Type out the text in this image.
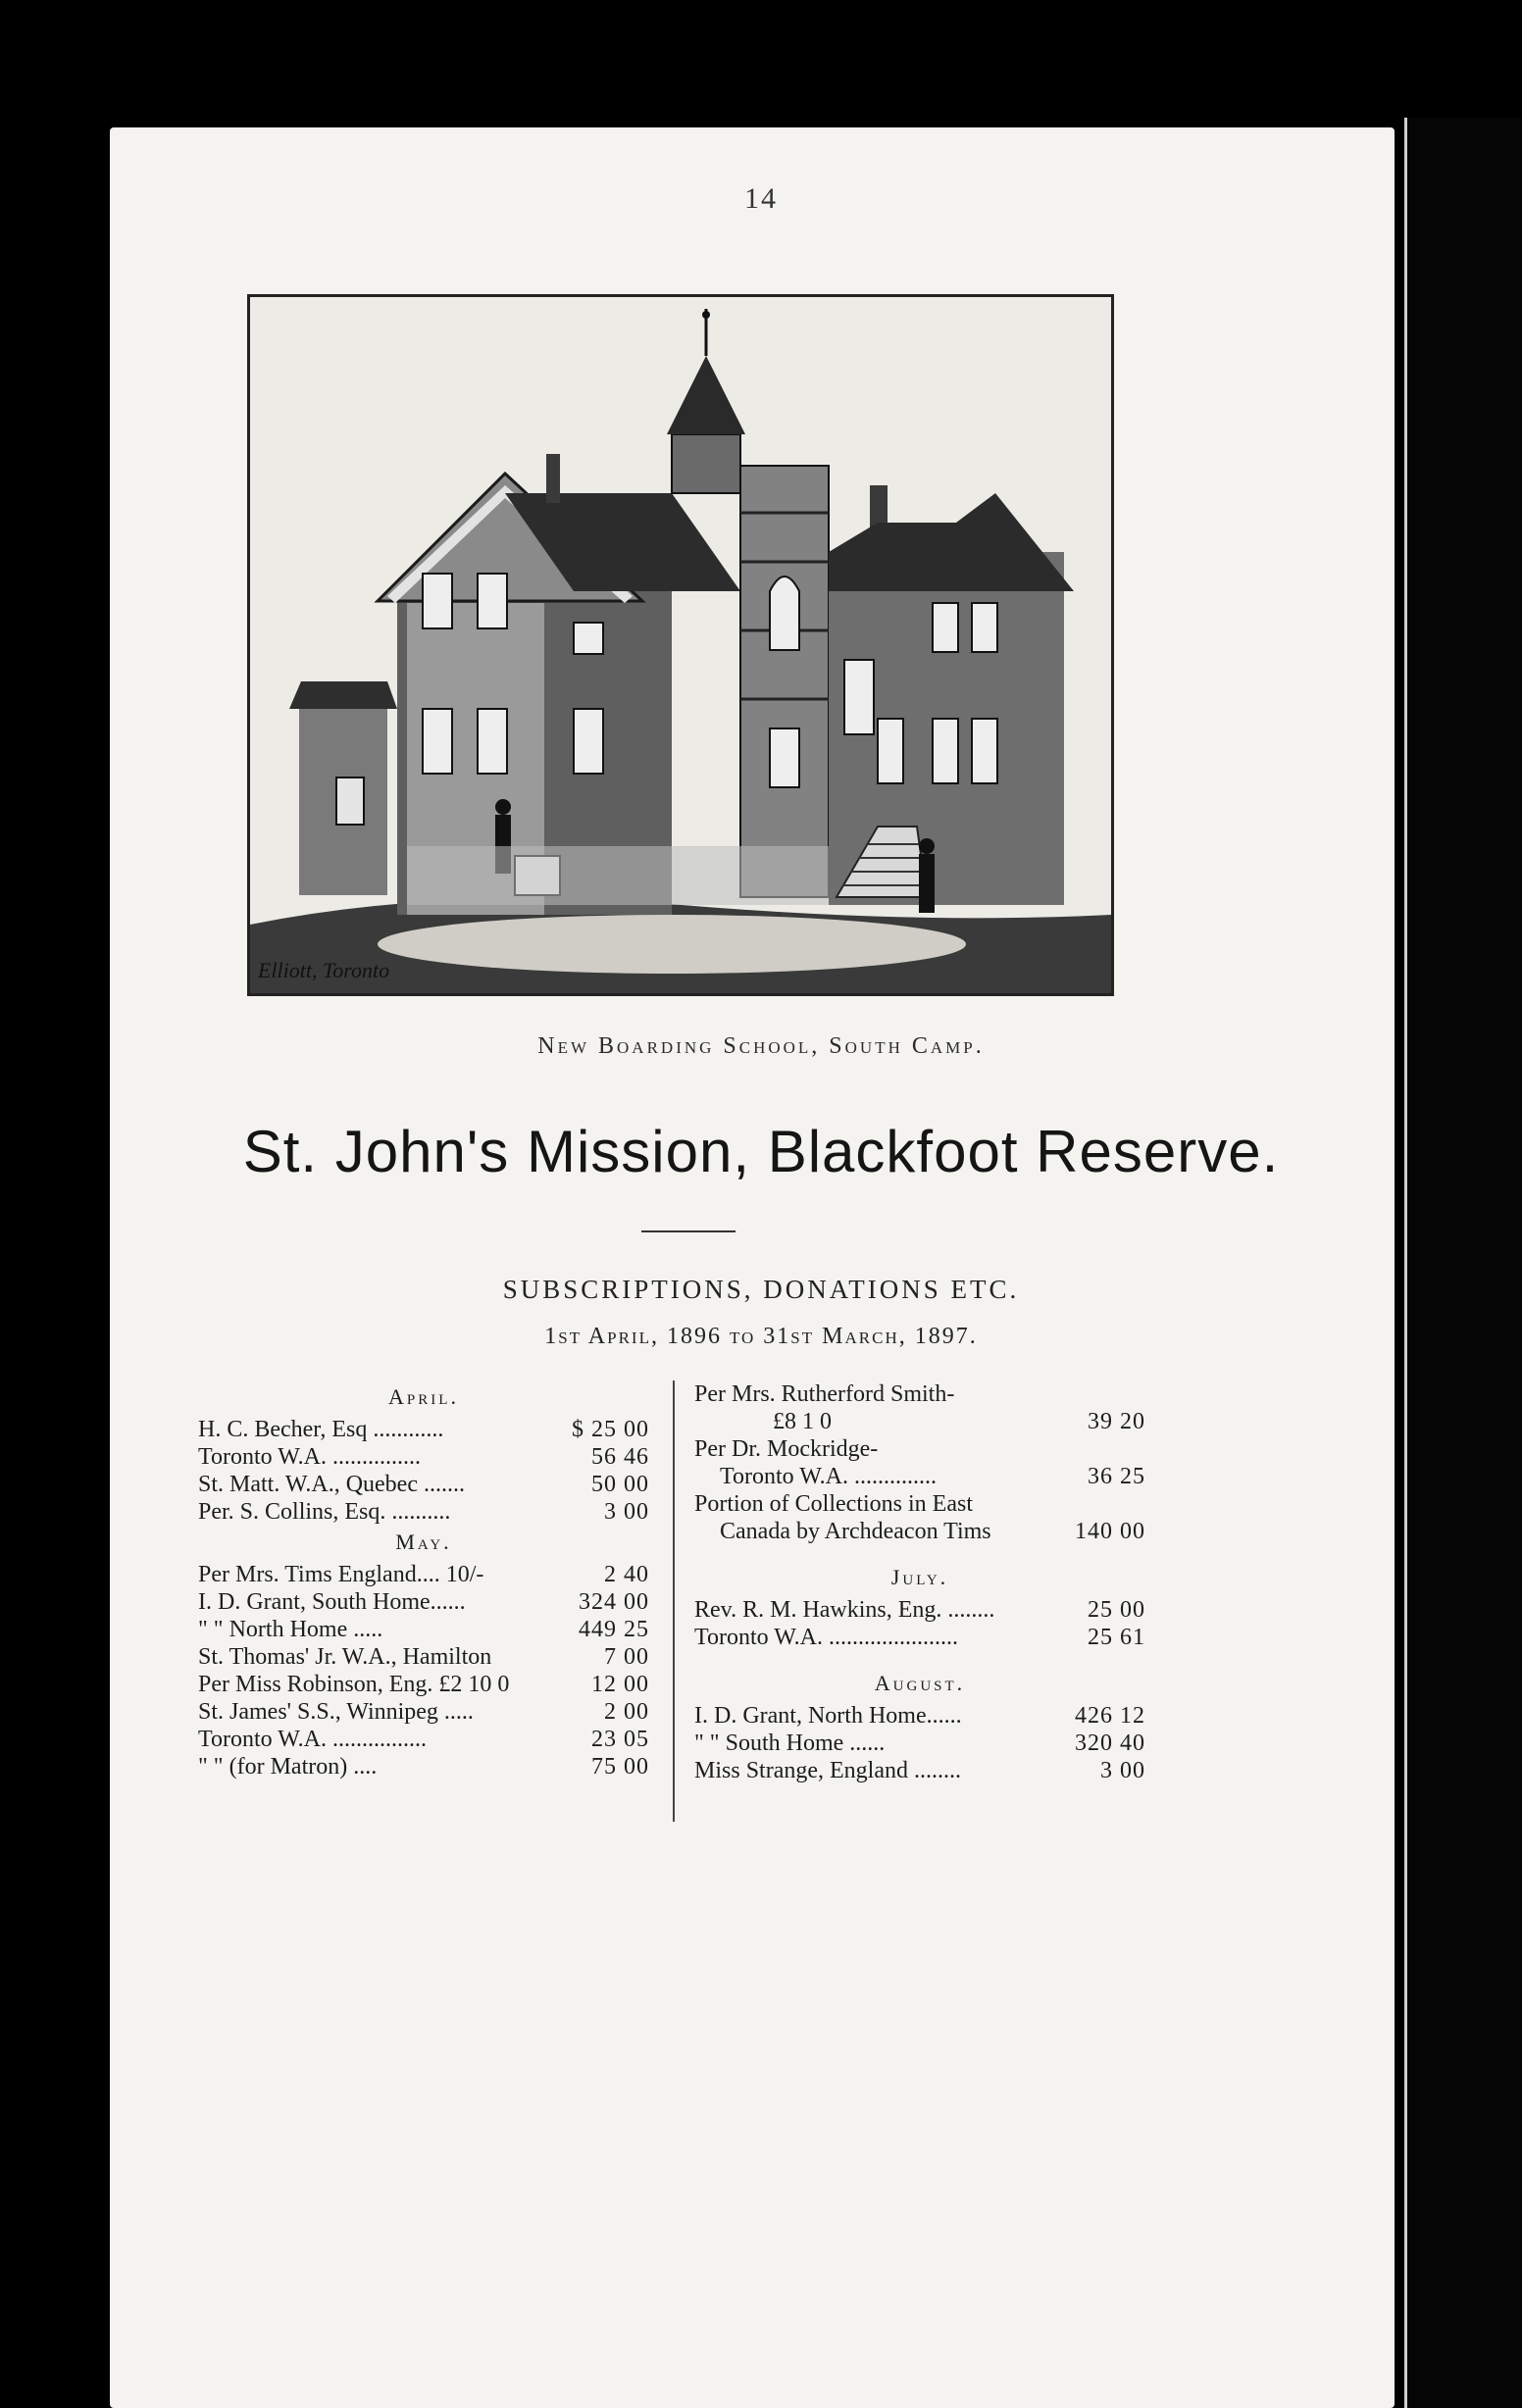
14
Elliott, Toronto
New Boarding School, South Camp.
St. John's Mission, Blackfoot Reserve.
SUBSCRIPTIONS, DONATIONS ETC.
1st April, 1896 to 31st March, 1897.
April.
H. C. Becher, Esq ............	$ 25 00
Toronto W.A. ...............	56 46
St. Matt. W.A., Quebec .......	50 00
Per. S. Collins, Esq. ..........	3 00
May.
Per Mrs. Tims England.... 10/-	2 40
I. D. Grant, South Home......	324 00
" " North Home .....	449 25
St. Thomas' Jr. W.A., Hamilton	7 00
Per Miss Robinson, Eng. £2 10 0	12 00
St. James' S.S., Winnipeg .....	2 00
Toronto W.A. ................	23 05
" " (for Matron) ....	75 00
Per Mrs. Rutherford Smith-
£8 1 0	39 20
Per Dr. Mockridge-
Toronto W.A. ..............	36 25
Portion of Collections in East
Canada by Archdeacon Tims	140 00
July.
Rev. R. M. Hawkins, Eng. ........	25 00
Toronto W.A. ......................	25 61
August.
I. D. Grant, North Home......	426 12
" " South Home ......	320 40
Miss Strange, England ........	3 00
